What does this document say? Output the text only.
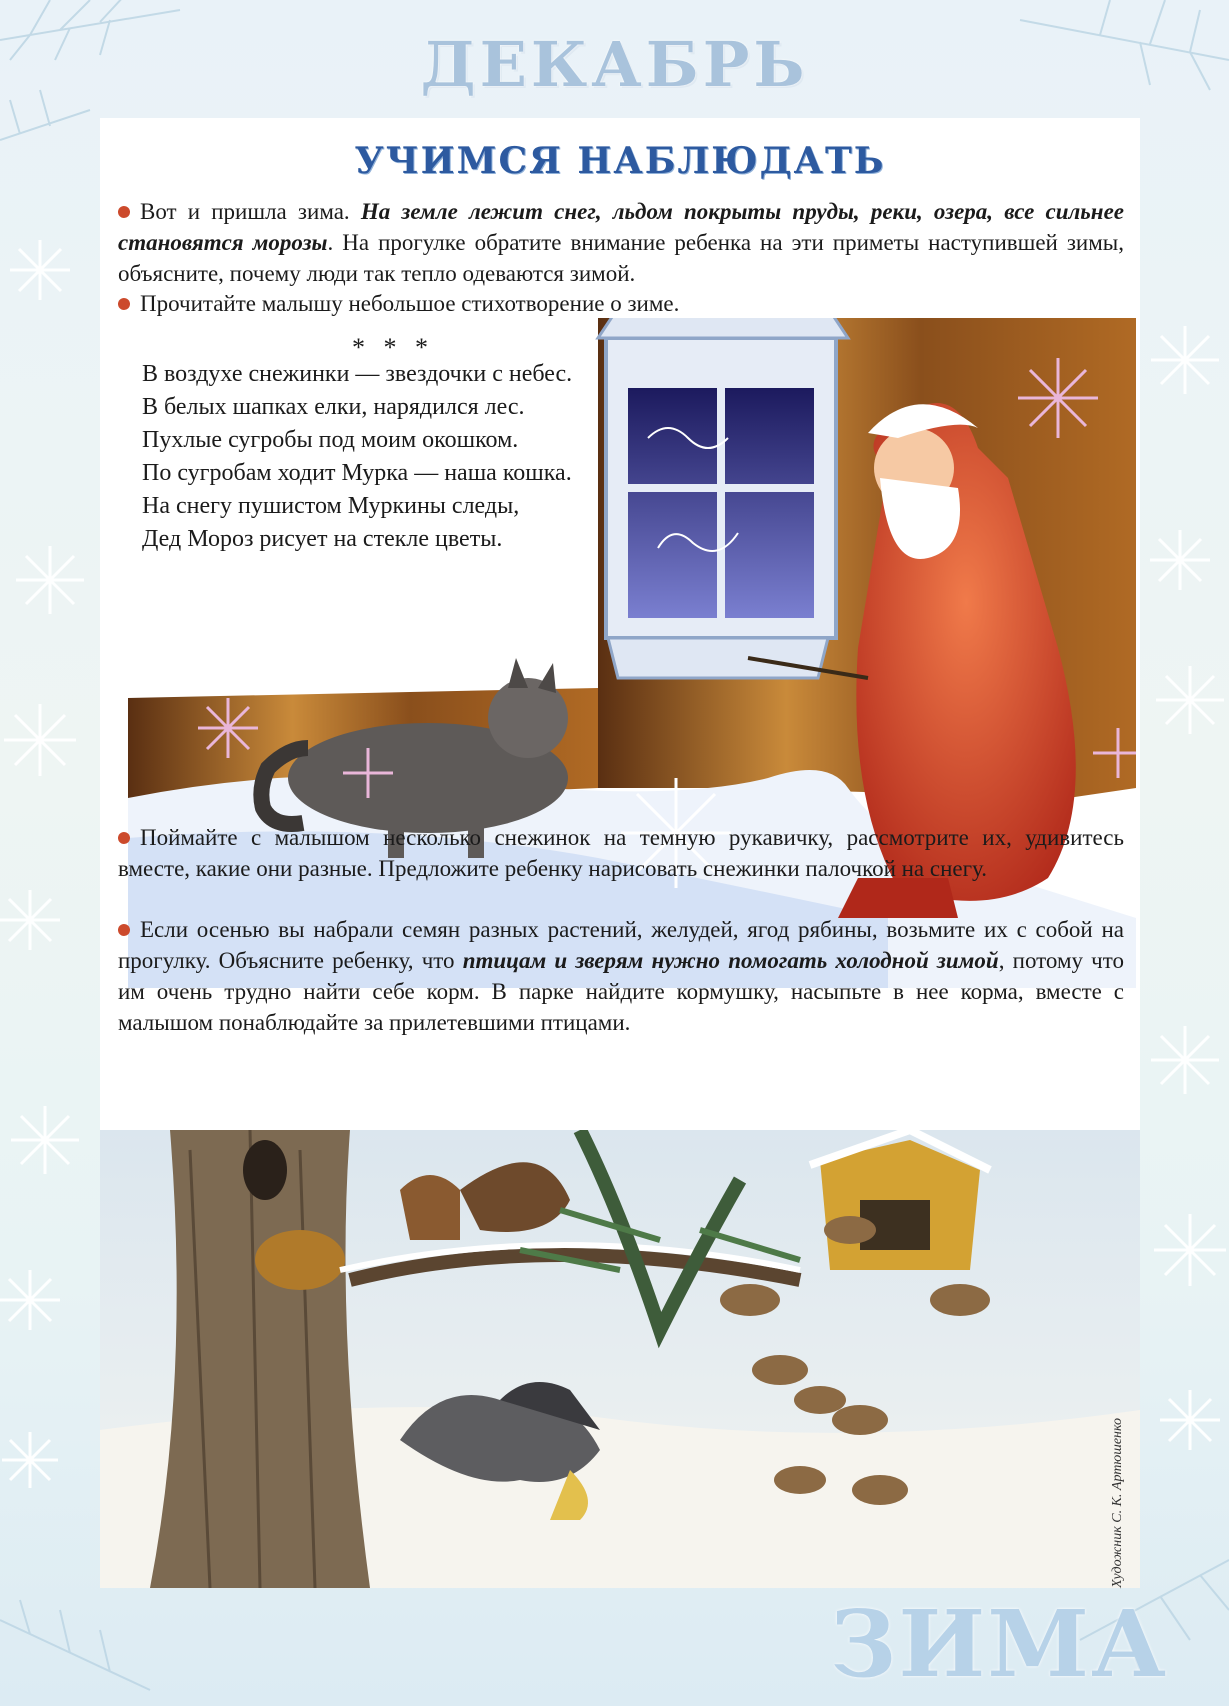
ДЕКАБРЬ
УЧИМСЯ НАБЛЮДАТЬ

Вот и пришла зима. На земле лежит снег, льдом покрыты пруды, реки, озера, все сильнее становятся морозы. На прогулке обратите внимание ребенка на эти приметы наступившей зимы, объясните, почему люди так тепло одеваются зимой.

Прочитайте малышу небольшое стихотворение о зиме.

* * *
В воздухе снежинки — звездочки с небес.
В белых шапках елки, нарядился лес.
Пухлые сугробы под моим окошком.
По сугробам ходит Мурка — наша кошка.
На снегу пушистом Муркины следы,
Дед Мороз рисует на стекле цветы.

Поймайте с малышом несколько снежинок на темную рукавичку, рассмотрите их, удивитесь вместе, какие они разные. Предложите ребенку нарисовать снежинки палочкой на снегу.

Если осенью вы набрали семян разных растений, желудей, ягод рябины, возьмите их с собой на прогулку. Объясните ребенку, что птицам и зверям нужно помогать холодной зимой, потому что им очень трудно найти себе корм. В парке найдите кормушку, насыпьте в нее корма, вместе с малышом понаблюдайте за прилетевшими птицами.

Художник С. К. Артюшенко
ЗИМА
